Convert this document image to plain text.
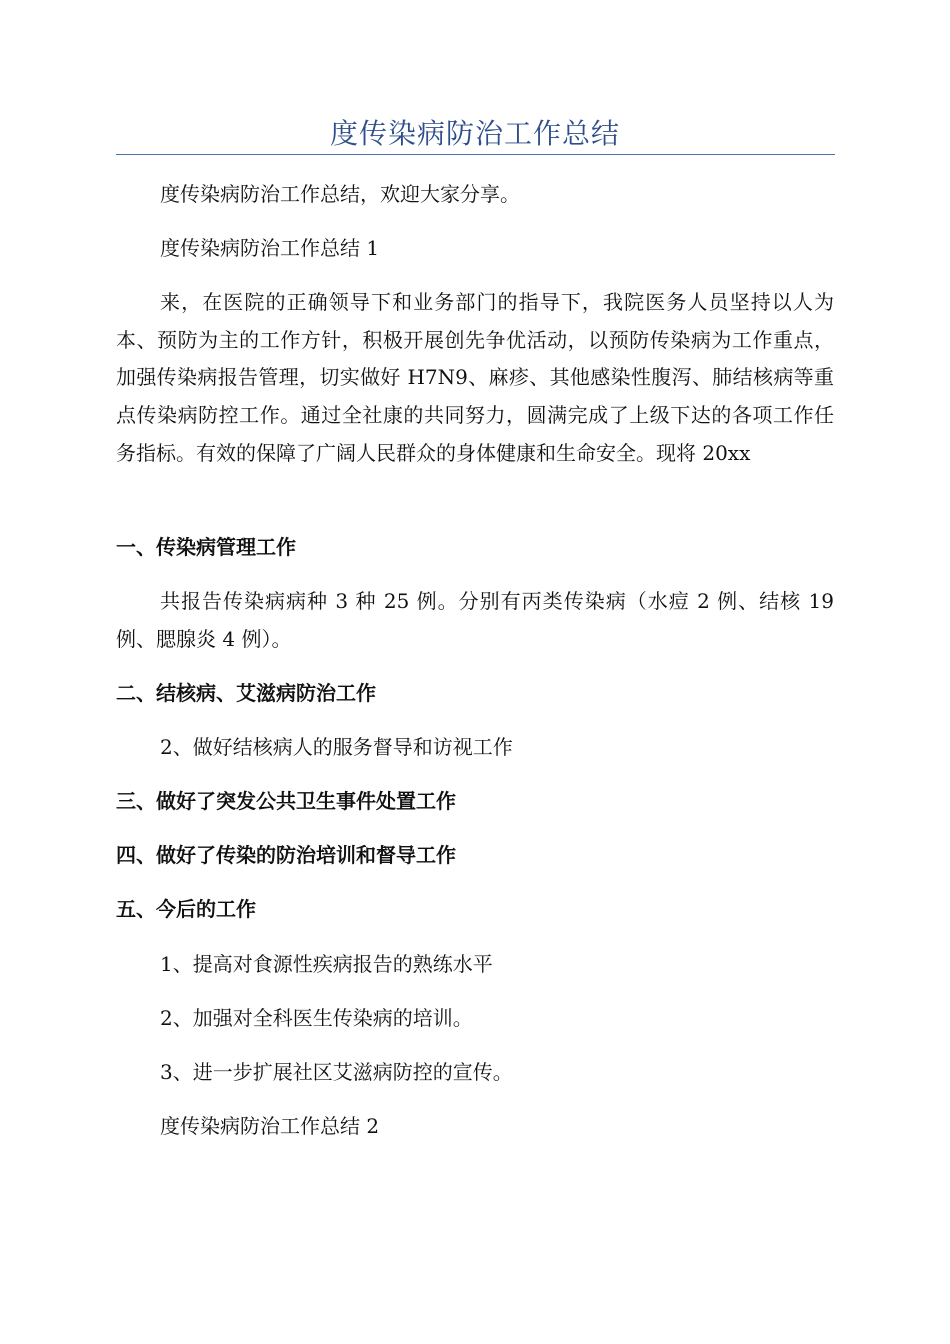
度传染病防治工作总结

度传染病防治工作总结，欢迎大家分享。

度传染病防治工作总结 1

来，在医院的正确领导下和业务部门的指导下，我院医务人员坚持以人为本、预防为主的工作方针，积极开展创先争优活动，以预防传染病为工作重点，加强传染病报告管理，切实做好 H7N9、麻疹、其他感染性腹泻、肺结核病等重点传染病防控工作。通过全社康的共同努力，圆满完成了上级下达的各项工作任务指标。有效的保障了广阔人民群众的身体健康和生命安全。现将 20xx

一、传染病管理工作

共报告传染病病种 3 种 25 例。分别有丙类传染病（水痘 2 例、结核 19 例、腮腺炎 4 例）。

二、结核病、艾滋病防治工作

2、做好结核病人的服务督导和访视工作

三、做好了突发公共卫生事件处置工作

四、做好了传染的防治培训和督导工作

五、今后的工作

1、提高对食源性疾病报告的熟练水平

2、加强对全科医生传染病的培训。

3、进一步扩展社区艾滋病防控的宣传。

度传染病防治工作总结 2
